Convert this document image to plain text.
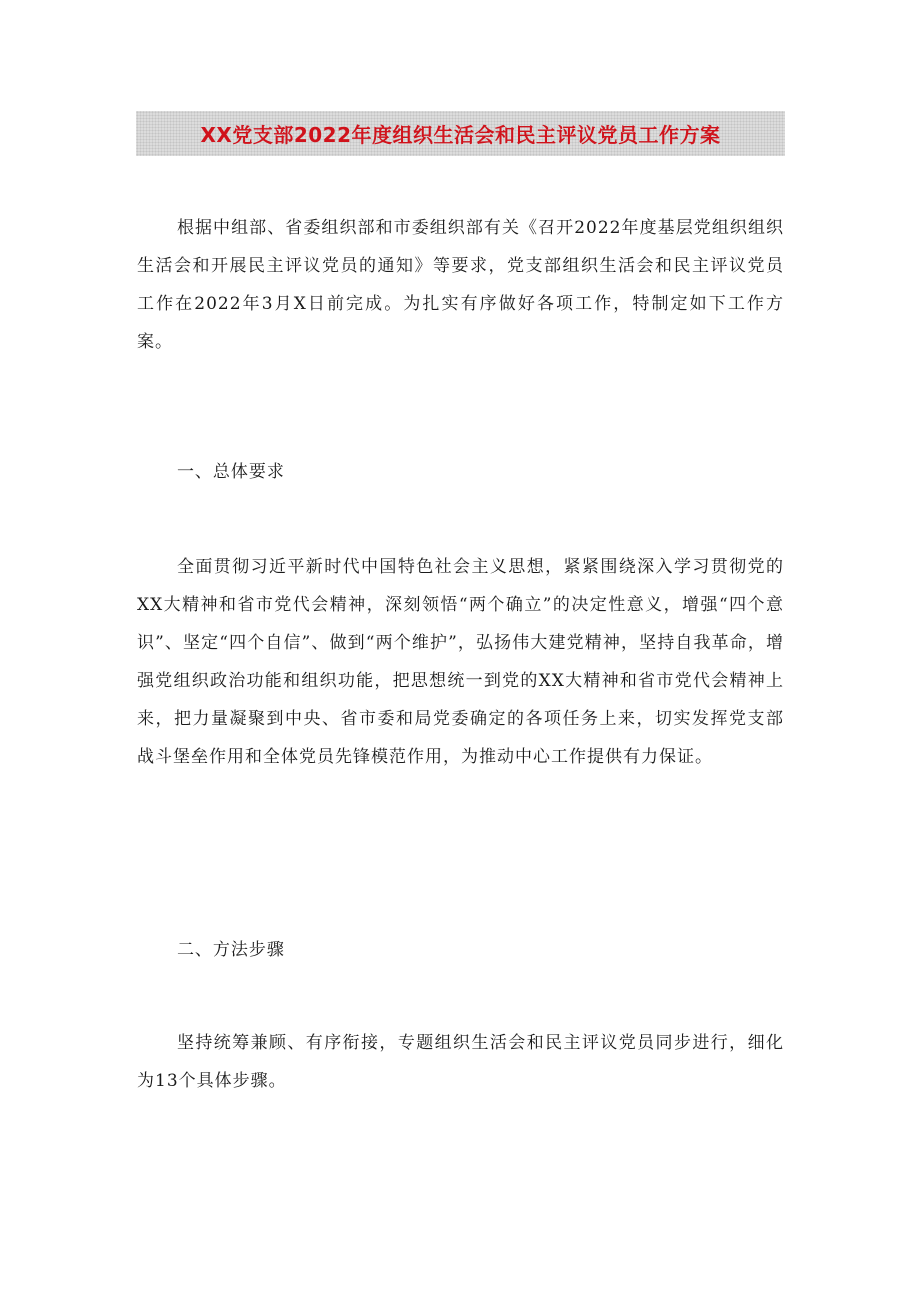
XX党支部2022年度组织生活会和民主评议党员工作方案

根据中组部、省委组织部和市委组织部有关《召开2022年度基层党组织组织生活会和开展民主评议党员的通知》等要求，党支部组织生活会和民主评议党员工作在2022年3月X日前完成。为扎实有序做好各项工作，特制定如下工作方案。

一、总体要求

全面贯彻习近平新时代中国特色社会主义思想，紧紧围绕深入学习贯彻党的XX大精神和省市党代会精神，深刻领悟“两个确立”的决定性意义，增强“四个意识”、坚定“四个自信”、做到“两个维护”，弘扬伟大建党精神，坚持自我革命，增强党组织政治功能和组织功能，把思想统一到党的XX大精神和省市党代会精神上来，把力量凝聚到中央、省市委和局党委确定的各项任务上来，切实发挥党支部战斗堡垒作用和全体党员先锋模范作用，为推动中心工作提供有力保证。

二、方法步骤

坚持统筹兼顾、有序衔接，专题组织生活会和民主评议党员同步进行，细化为13个具体步骤。
